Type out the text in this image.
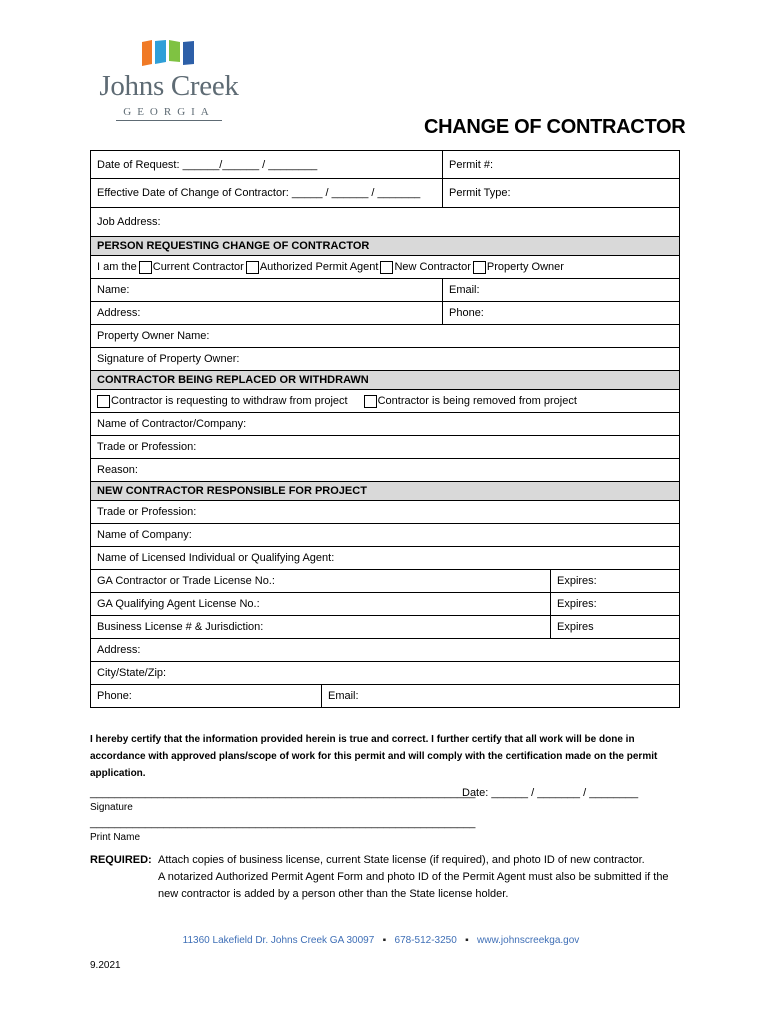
Johns Creek
GEORGIA
CHANGE OF CONTRACTOR
Date of Request: ______/______ / ________	Permit #:
Effective Date of Change of Contractor: _____ / ______ / _______	Permit Type:
Job Address:
PERSON REQUESTING CHANGE OF CONTRACTOR
I am the Current Contractor Authorized Permit Agent New Contractor Property Owner
Name:	Email:
Address:	Phone:
Property Owner Name:
Signature of Property Owner:
CONTRACTOR BEING REPLACED OR WITHDRAWN
Contractor is requesting to withdraw from project	Contractor is being removed from project
Name of Contractor/Company:
Trade or Profession:
Reason:
NEW CONTRACTOR RESPONSIBLE FOR PROJECT
Trade or Profession:
Name of Company:
Name of Licensed Individual or Qualifying Agent:
GA Contractor or Trade License No.:	Expires:
GA Qualifying Agent License No.:	Expires:
Business License # & Jurisdiction:	Expires
Address:
City/State/Zip:
Phone:	Email:
I hereby certify that the information provided herein is true and correct. I further certify that all work will be done in accordance with approved plans/scope of work for this permit and will comply with the certification made on the permit application.
_______________________________________________________________
Date: ______ / _______ / ________
Signature
_______________________________________________________________
Print Name
REQUIRED: Attach copies of business license, current State license (if required), and photo ID of new contractor.
A notarized Authorized Permit Agent Form and photo ID of the Permit Agent must also be submitted if the new contractor is added by a person other than the State license holder.
11360 Lakefield Dr. Johns Creek GA 30097 ▪ 678-512-3250 ▪ www.johnscreekga.gov
9.2021
